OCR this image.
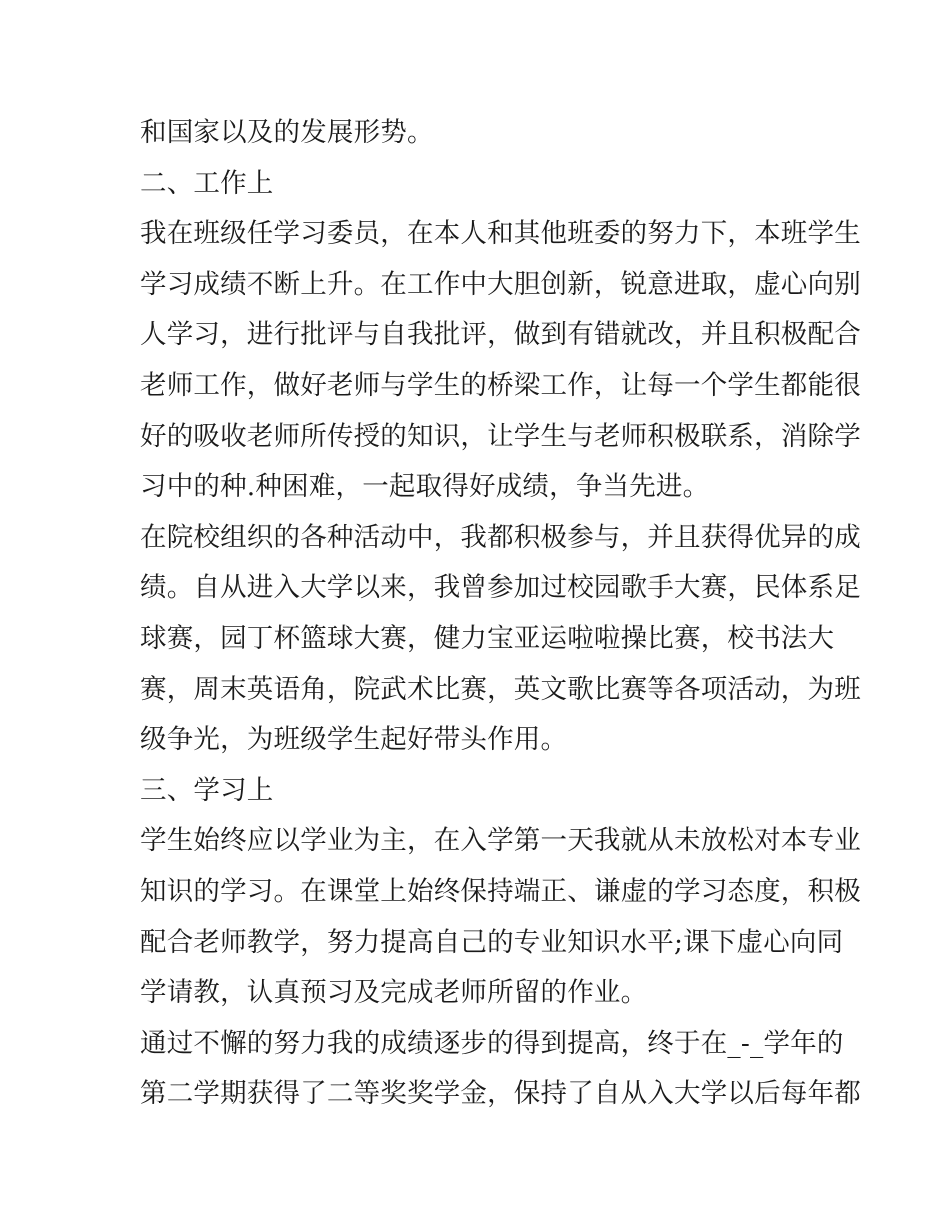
和国家以及的发展形势。
二、工作上
我在班级任学习委员，在本人和其他班委的努力下，本班学生
学习成绩不断上升。在工作中大胆创新，锐意进取，虚心向别
人学习，进行批评与自我批评，做到有错就改，并且积极配合
老师工作，做好老师与学生的桥梁工作，让每一个学生都能很
好的吸收老师所传授的知识，让学生与老师积极联系，消除学
习中的种.种困难，一起取得好成绩，争当先进。
在院校组织的各种活动中，我都积极参与，并且获得优异的成
绩。自从进入大学以来，我曾参加过校园歌手大赛，民体系足
球赛，园丁杯篮球大赛，健力宝亚运啦啦操比赛，校书法大
赛，周末英语角，院武术比赛，英文歌比赛等各项活动，为班
级争光，为班级学生起好带头作用。
三、学习上
学生始终应以学业为主，在入学第一天我就从未放松对本专业
知识的学习。在课堂上始终保持端正、谦虚的学习态度，积极
配合老师教学，努力提高自己的专业知识水平;课下虚心向同
学请教，认真预习及完成老师所留的作业。
通过不懈的努力我的成绩逐步的得到提高，终于在_-_学年的
第二学期获得了二等奖奖学金，保持了自从入大学以后每年都
